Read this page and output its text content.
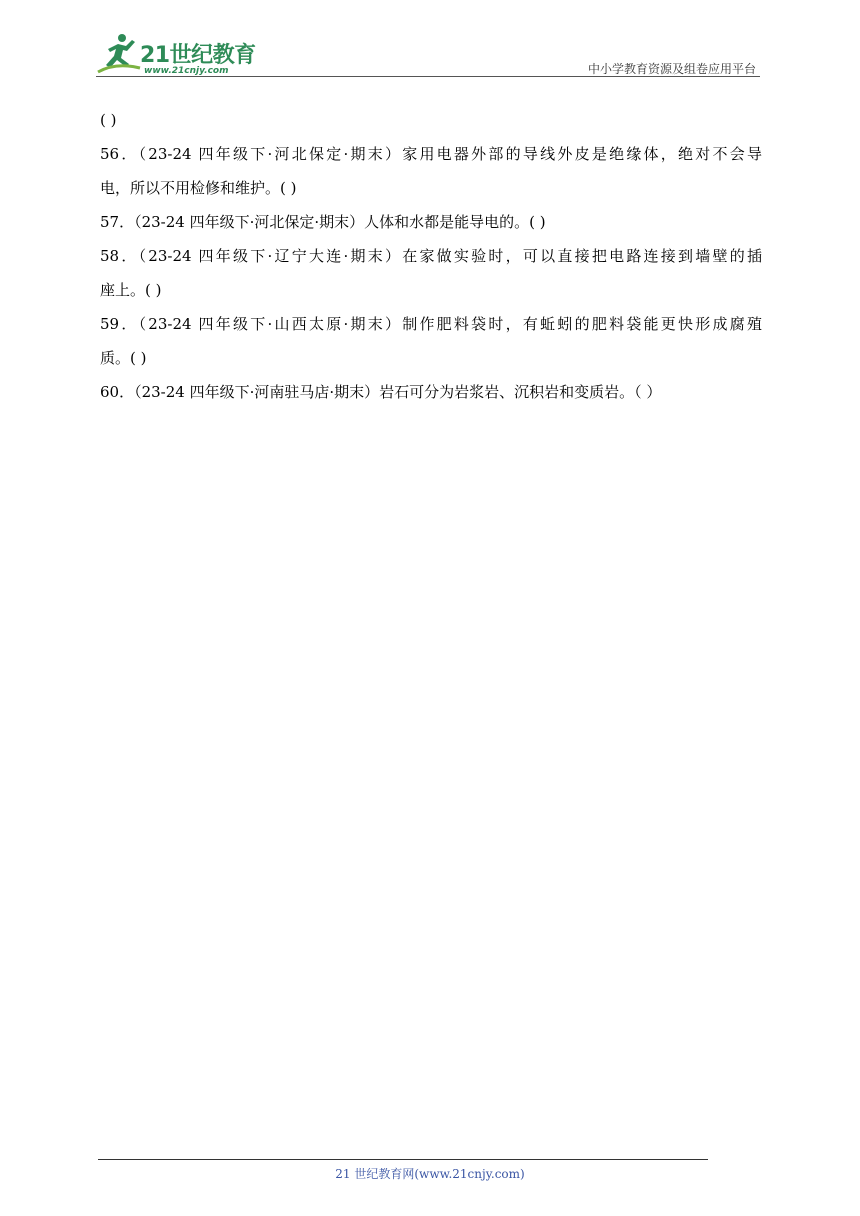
21世纪教育
www.21cnjy.com	中小学教育资源及组卷应用平台
( )
56．（23-24 四年级下·河北保定·期末）家用电器外部的导线外皮是绝缘体，绝对不会导
电，所以不用检修和维护。( )
57．（23-24 四年级下·河北保定·期末）人体和水都是能导电的。( )
58．（23-24 四年级下·辽宁大连·期末）在家做实验时，可以直接把电路连接到墙壁的插
座上。( )
59．（23-24 四年级下·山西太原·期末）制作肥料袋时，有蚯蚓的肥料袋能更快形成腐殖
质。( )
60．（23-24 四年级下·河南驻马店·期末）岩石可分为岩浆岩、沉积岩和变质岩。（ ）
21 世纪教育网(www.21cnjy.com)
